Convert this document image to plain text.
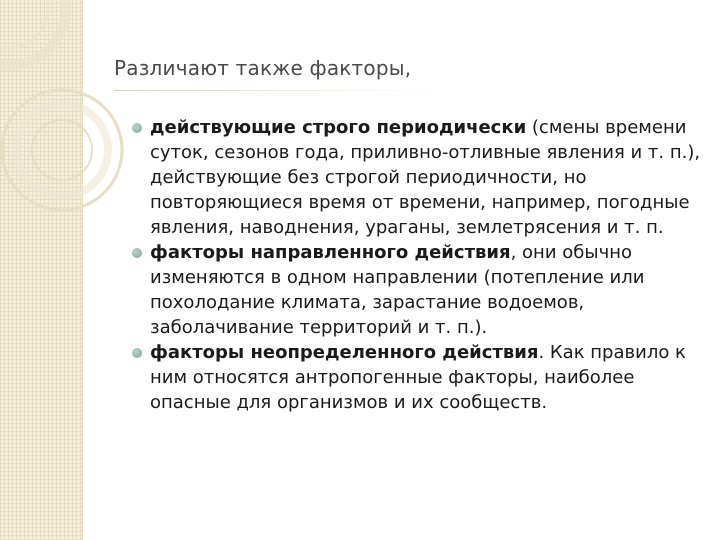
Различают также факторы,
действующие строго периодически (смены времени суток, сезонов года, приливно-отливные явления и т. п.), действующие без строгой периодичности, но повторяющиеся время от времени, например, погодные явления, наводнения, ураганы, землетрясения и т. п.
факторы направленного действия, они обычно изменяются в одном направлении (потепление или похолодание климата, зарастание водоемов, заболачивание территорий и т. п.).
факторы неопределенного действия. Как правило к ним относятся антропогенные факторы, наиболее опасные для организмов и их сообществ.
